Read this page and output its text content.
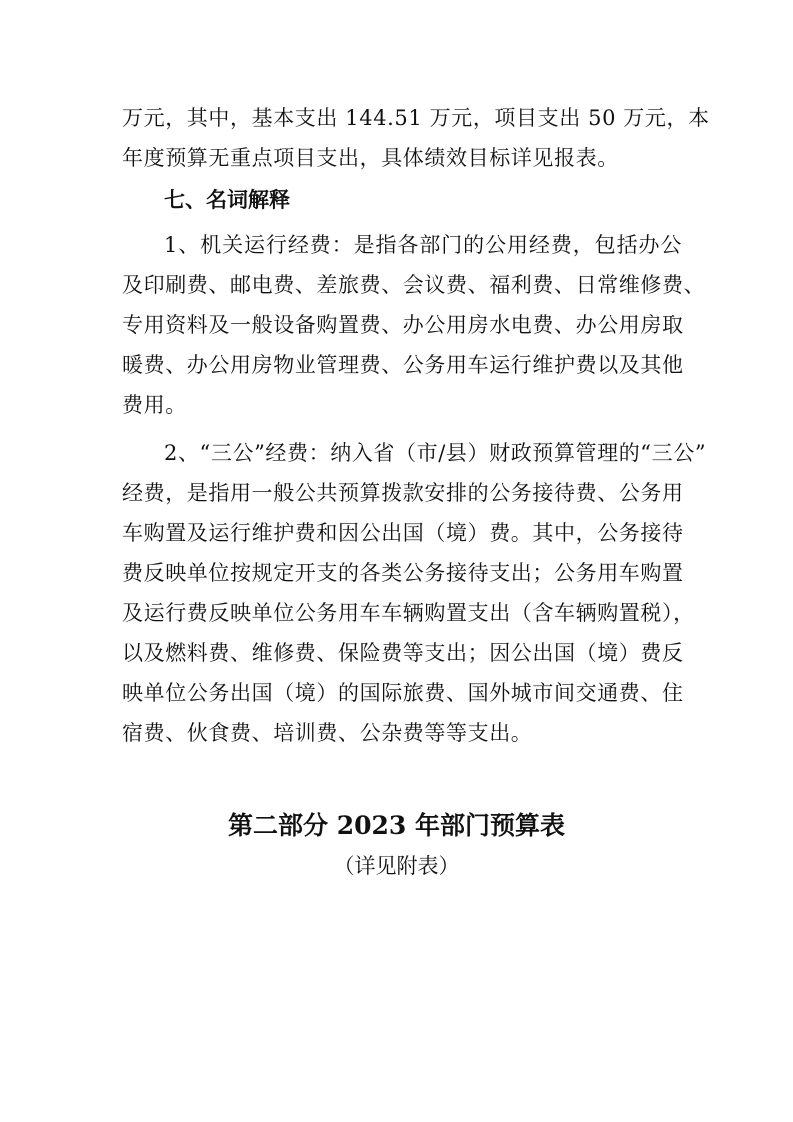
万元，其中，基本支出 144.51 万元，项目支出 50 万元，本
年度预算无重点项目支出，具体绩效目标详见报表。
七、名词解释
1、机关运行经费：是指各部门的公用经费，包括办公
及印刷费、邮电费、差旅费、会议费、福利费、日常维修费、
专用资料及一般设备购置费、办公用房水电费、办公用房取
暖费、办公用房物业管理费、公务用车运行维护费以及其他
费用。
2、“三公”经费：纳入省（市/县）财政预算管理的“三公”
经费，是指用一般公共预算拨款安排的公务接待费、公务用
车购置及运行维护费和因公出国（境）费。其中，公务接待
费反映单位按规定开支的各类公务接待支出；公务用车购置
及运行费反映单位公务用车车辆购置支出（含车辆购置税），
以及燃料费、维修费、保险费等支出；因公出国（境）费反
映单位公务出国（境）的国际旅费、国外城市间交通费、住
宿费、伙食费、培训费、公杂费等等支出。
第二部分 2023 年部门预算表
（详见附表）
